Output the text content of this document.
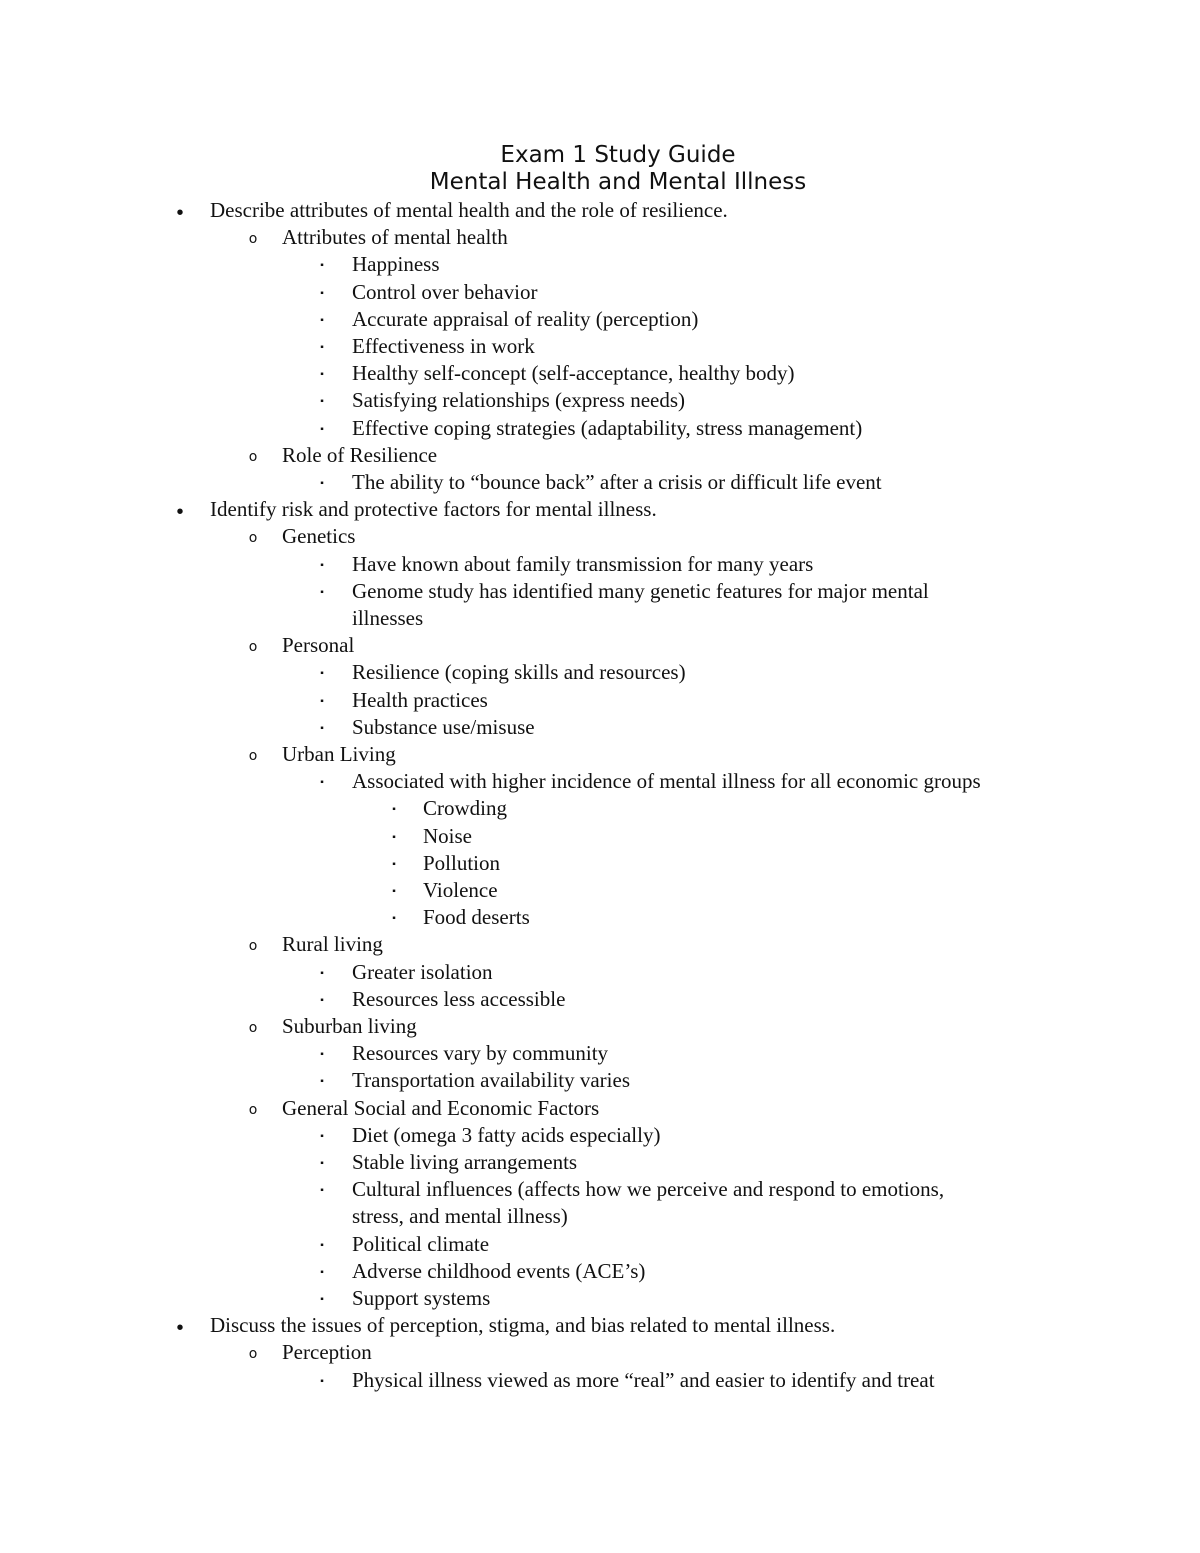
Exam 1 Study Guide
Mental Health and Mental Illness
•	Describe attributes of mental health and the role of resilience.
o Attributes of mental health
▪	Happiness
▪	Control over behavior
▪	Accurate appraisal of reality (perception)
▪	Effectiveness in work
▪	Healthy self-concept (self-acceptance, healthy body)
▪	Satisfying relationships (express needs)
▪	Effective coping strategies (adaptability, stress management)
o Role of Resilience
▪	The ability to “bounce back” after a crisis or difficult life event
•	Identify risk and protective factors for mental illness.
o Genetics
▪	Have known about family transmission for many years
▪	Genome study has identified many genetic features for major mental
illnesses
o Personal
▪	Resilience (coping skills and resources)
▪	Health practices
▪	Substance use/misuse
o Urban Living
▪	Associated with higher incidence of mental illness for all economic groups
▪	Crowding
▪	Noise
▪	Pollution
▪	Violence
▪	Food deserts
o Rural living
▪	Greater isolation
▪	Resources less accessible
o Suburban living
▪	Resources vary by community
▪	Transportation availability varies
o General Social and Economic Factors
▪	Diet (omega 3 fatty acids especially)
▪	Stable living arrangements
▪	Cultural influences (affects how we perceive and respond to emotions,
stress, and mental illness)
▪	Political climate
▪	Adverse childhood events (ACE’s)
▪	Support systems
•	Discuss the issues of perception, stigma, and bias related to mental illness.
o Perception
▪	Physical illness viewed as more “real” and easier to identify and treat
